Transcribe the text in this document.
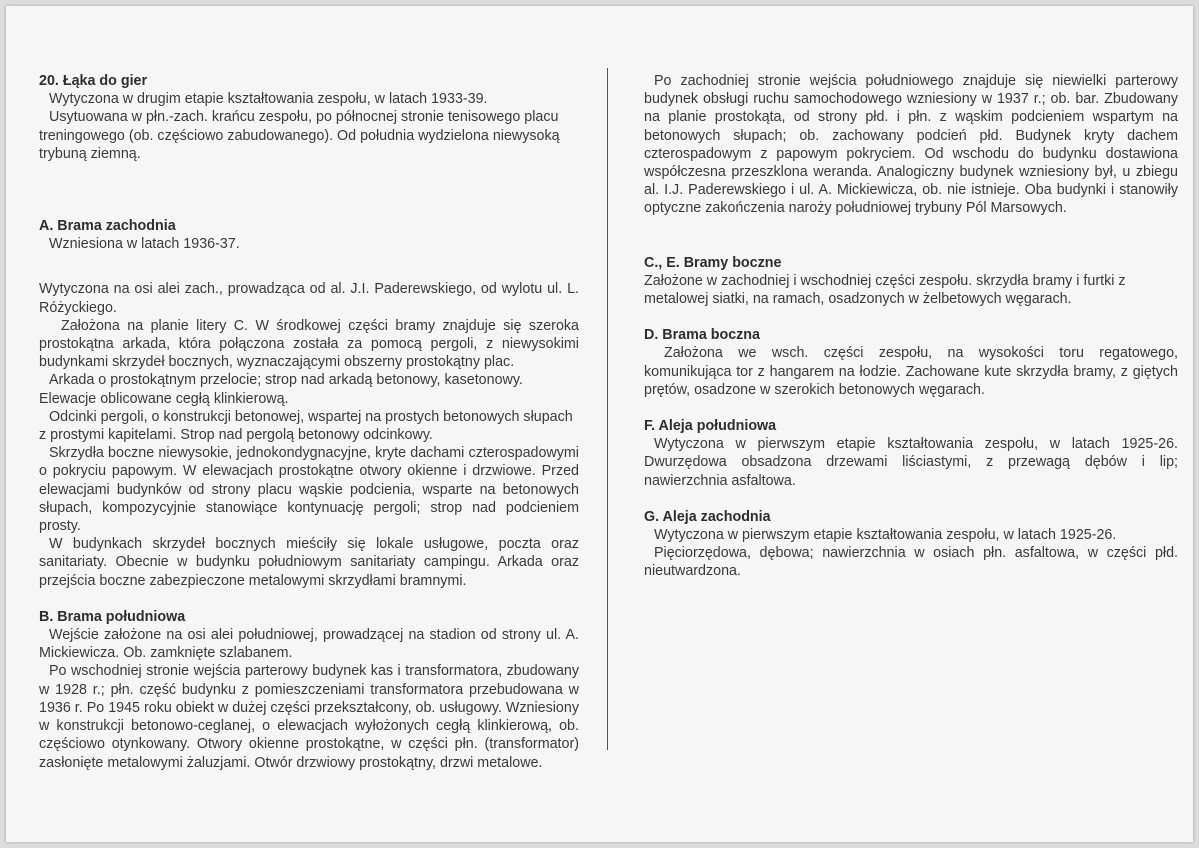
20. Łąka do gier

Wytyczona w drugim etapie kształtowania zespołu, w latach 1933-39.

Usytuowana w płn.-zach. krańcu zespołu, po północnej stronie tenisowego placu treningowego (ob. częściowo zabudowanego). Od południa wydzielona niewysoką trybuną ziemną.

A. Brama zachodnia

Wzniesiona w latach 1936-37.

Wytyczona na osi alei zach., prowadząca od al. J.I. Paderewskiego, od wylotu ul. L. Różyckiego.

Założona na planie litery C. W środkowej części bramy znajduje się szeroka prostokątna arkada, która połączona została za pomocą pergoli, z niewysokimi budynkami skrzydeł bocznych, wyznaczającymi obszerny prostokątny plac.

Arkada o prostokątnym przelocie; strop nad arkadą betonowy, kasetonowy. Elewacje oblicowane cegłą klinkierową.

Odcinki pergoli, o konstrukcji betonowej, wspartej na prostych betonowych słupach z prostymi kapitelami. Strop nad pergolą betonowy odcinkowy.

Skrzydła boczne niewysokie, jednokondygnacyjne, kryte dachami czterospadowymi o pokryciu papowym. W elewacjach prostokątne otwory okienne i drzwiowe. Przed elewacjami budynków od strony placu wąskie podcienia, wsparte na betonowych słupach, kompozycyjnie stanowiące kontynuację pergoli; strop nad podcieniem prosty.

W budynkach skrzydeł bocznych mieściły się lokale usługowe, poczta oraz sanitariaty. Obecnie w budynku południowym sanitariaty campingu. Arkada oraz przejścia boczne zabezpieczone metalowymi skrzydłami bramnymi.

B. Brama południowa

Wejście założone na osi alei południowej, prowadzącej na stadion od strony ul. A. Mickiewicza. Ob. zamknięte szlabanem.

Po wschodniej stronie wejścia parterowy budynek kas i transformatora, zbudowany w 1928 r.; płn. część budynku z pomieszczeniami transformatora przebudowana w 1936 r. Po 1945 roku obiekt w dużej części przekształcony, ob. usługowy. Wzniesiony w konstrukcji betonowo-ceglanej, o elewacjach wyłożonych cegłą klinkierową, ob. częściowo otynkowany. Otwory okienne prostokątne, w części płn. (transformator) zasłonięte metalowymi żaluzjami. Otwór drzwiowy prostokątny, drzwi metalowe.

Po zachodniej stronie wejścia południowego znajduje się niewielki parterowy budynek obsługi ruchu samochodowego wzniesiony w 1937 r.; ob. bar. Zbudowany na planie prostokąta, od strony płd. i płn. z wąskim podcieniem wspartym na betonowych słupach; ob. zachowany podcień płd. Budynek kryty dachem czterospadowym z papowym pokryciem. Od wschodu do budynku dostawiona współczesna przeszklona weranda. Analogiczny budynek wzniesiony był, u zbiegu al. I.J. Paderewskiego i ul. A. Mickiewicza, ob. nie istnieje. Oba budynki i stanowiły optyczne zakończenia naroży południowej trybuny Pól Marsowych.

C., E. Bramy boczne

Założone w zachodniej i wschodniej części zespołu. skrzydła bramy i furtki z metalowej siatki, na ramach, osadzonych w żelbetowych węgarach.

D. Brama boczna

Założona we wsch. części zespołu, na wysokości toru regatowego, komunikująca tor z hangarem na łodzie. Zachowane kute skrzydła bramy, z giętych prętów, osadzone w szerokich betonowych węgarach.

F. Aleja południowa

Wytyczona w pierwszym etapie kształtowania zespołu, w latach 1925-26. Dwurzędowa obsadzona drzewami liściastymi, z przewagą dębów i lip; nawierzchnia asfaltowa.

G. Aleja zachodnia

Wytyczona w pierwszym etapie kształtowania zespołu, w latach 1925-26.

Pięciorzędowa, dębowa; nawierzchnia w osiach płn. asfaltowa, w części płd. nieutwardzona.
